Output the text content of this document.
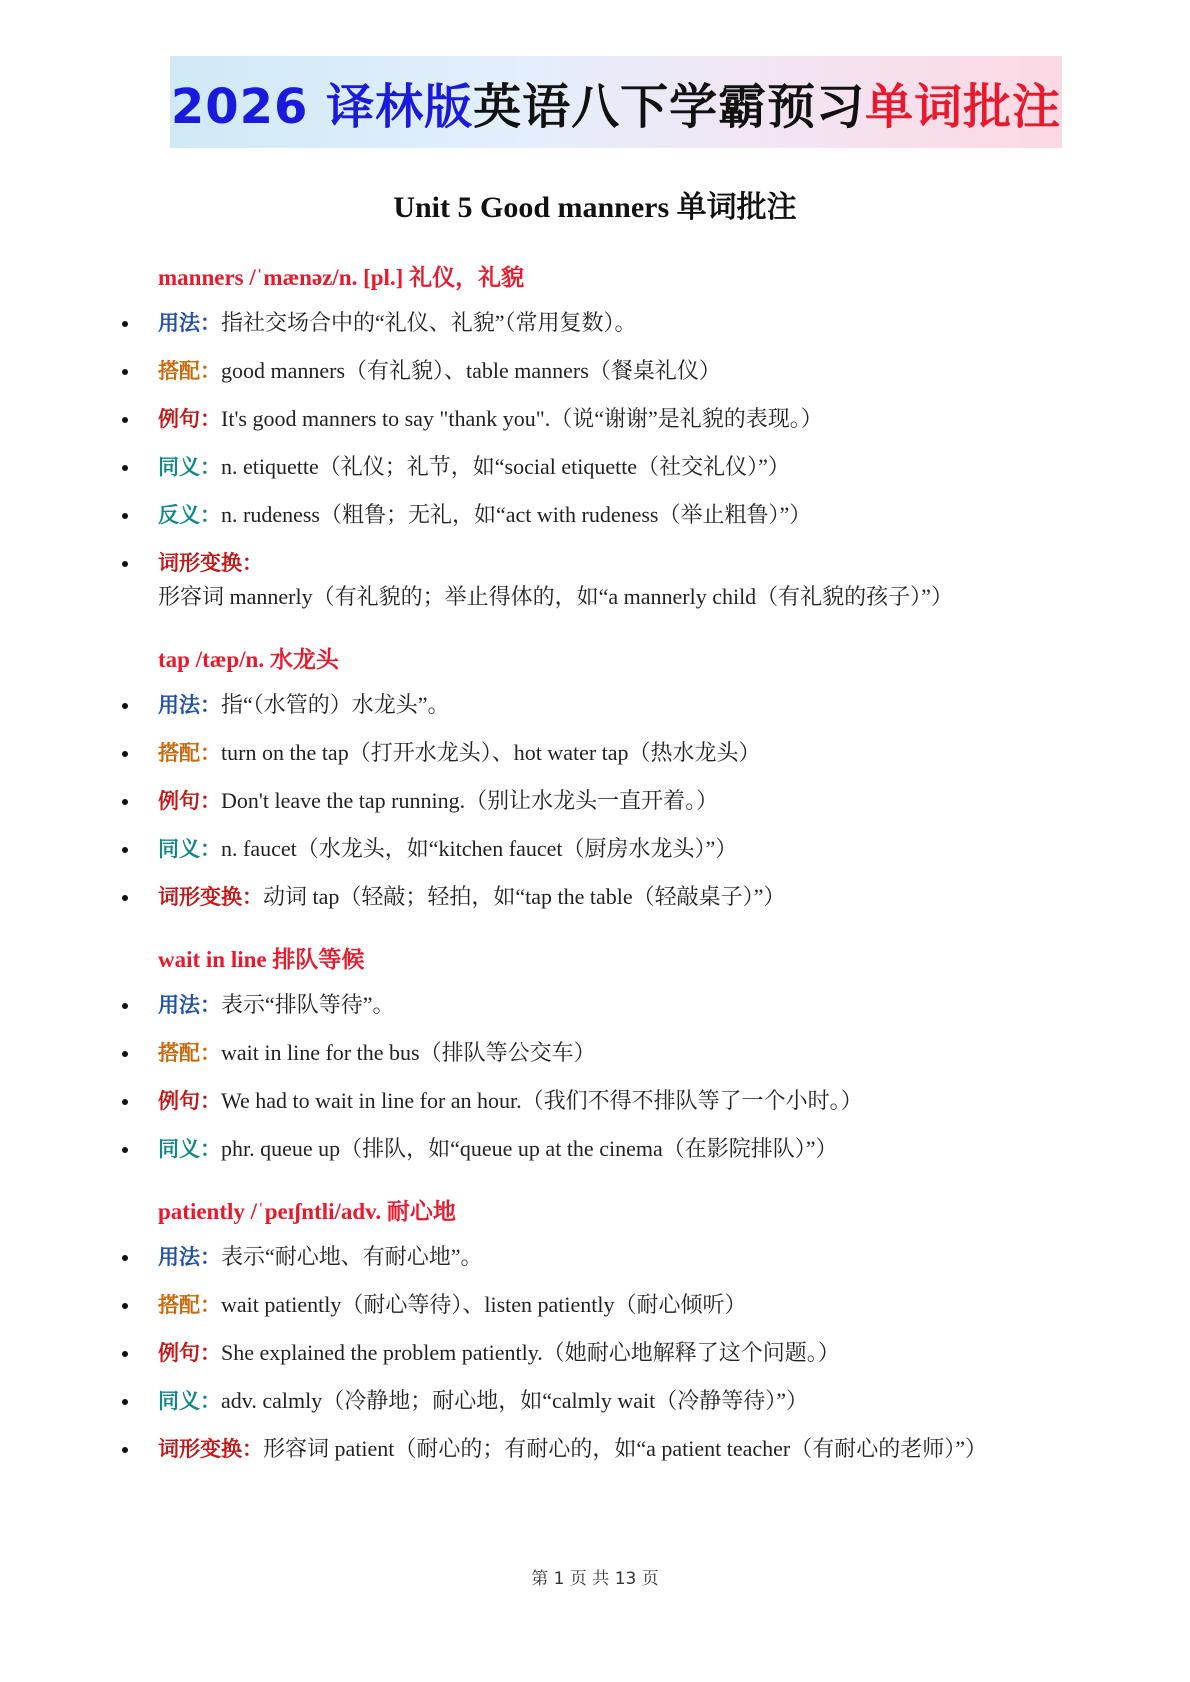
2026 译林版 英语八下学霸预习 单词批注
Unit 5 Good manners 单词批注
manners /ˈmænəz/n. [pl.] 礼仪，礼貌
用法：指社交场合中的“礼仪、礼貌”（常用复数）。
搭配：good manners（有礼貌）、table manners（餐桌礼仪）
例句：It's good manners to say "thank you".（说“谢谢”是礼貌的表现。）
同义：n. etiquette（礼仪；礼节，如“social etiquette（社交礼仪）”）
反义：n. rudeness（粗鲁；无礼，如“act with rudeness（举止粗鲁）”）
词形变换：形容词 mannerly（有礼貌的；举止得体的，如“a mannerly child（有礼貌的孩子）”）
tap /tæp/n. 水龙头
用法：指“（水管的）水龙头”。
搭配：turn on the tap（打开水龙头）、hot water tap（热水龙头）
例句：Don't leave the tap running.（别让水龙头一直开着。）
同义：n. faucet（水龙头，如“kitchen faucet（厨房水龙头）”）
词形变换：动词 tap（轻敲；轻拍，如“tap the table（轻敲桌子）”）
wait in line 排队等候
用法：表示“排队等待”。
搭配：wait in line for the bus（排队等公交车）
例句：We had to wait in line for an hour.（我们不得不排队等了一个小时。）
同义：phr. queue up（排队，如“queue up at the cinema（在影院排队）”）
patiently /ˈpeɪʃntli/adv. 耐心地
用法：表示“耐心地、有耐心地”。
搭配：wait patiently（耐心等待）、listen patiently（耐心倾听）
例句：She explained the problem patiently.（她耐心地解释了这个问题。）
同义：adv. calmly（冷静地；耐心地，如“calmly wait（冷静等待）”）
词形变换：形容词 patient（耐心的；有耐心的，如“a patient teacher（有耐心的老师）”）
第 1 页 共 13 页
